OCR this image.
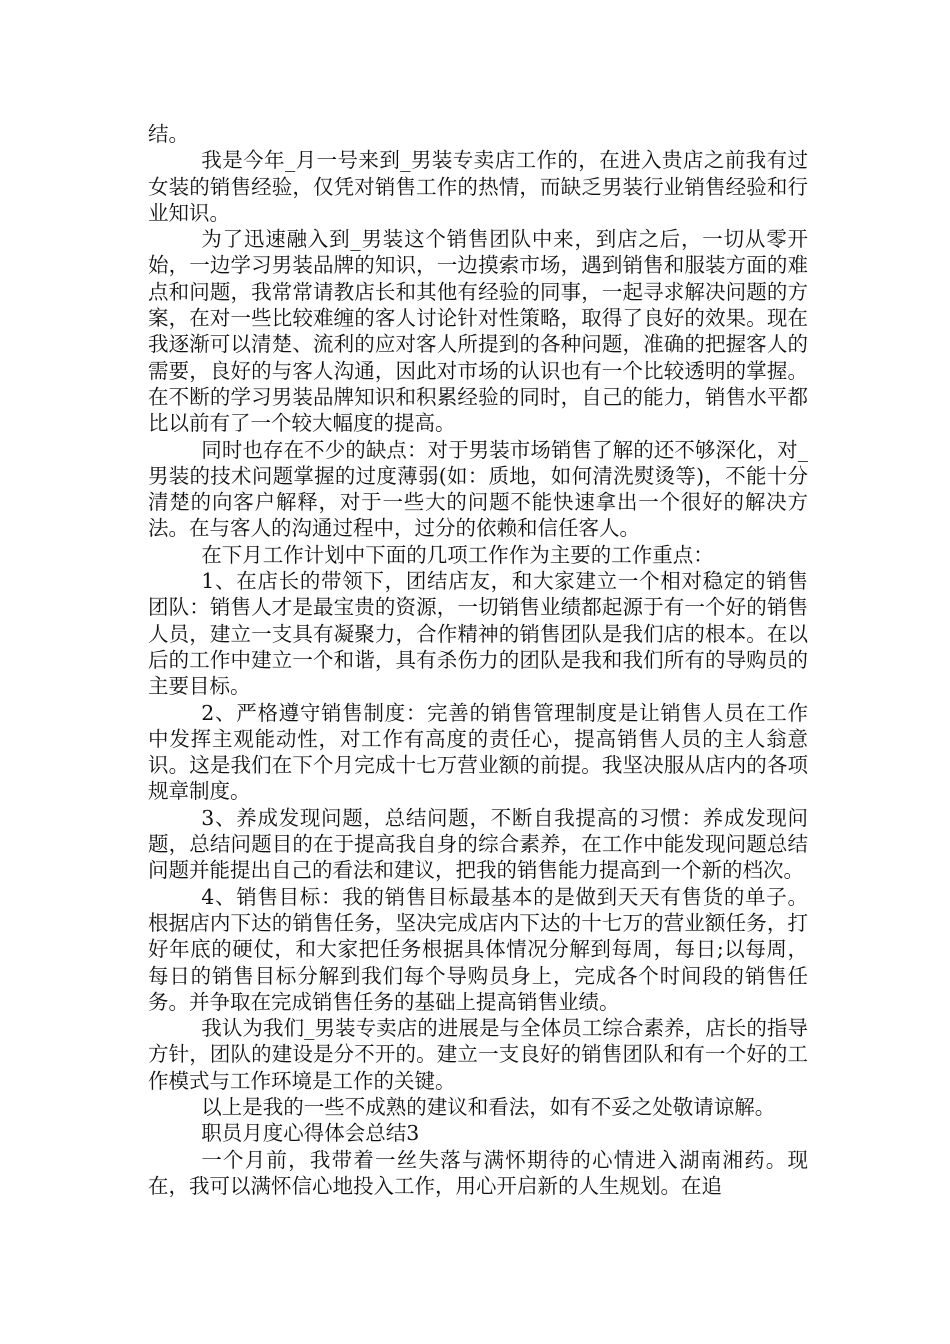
结。

我是今年_月一号来到_男装专卖店工作的，在进入贵店之前我有过女装的销售经验，仅凭对销售工作的热情，而缺乏男装行业销售经验和行业知识。

为了迅速融入到_男装这个销售团队中来，到店之后，一切从零开始，一边学习男装品牌的知识，一边摸索市场，遇到销售和服装方面的难点和问题，我常常请教店长和其他有经验的同事，一起寻求解决问题的方案，在对一些比较难缠的客人讨论针对性策略，取得了良好的效果。现在我逐渐可以清楚、流利的应对客人所提到的各种问题，准确的把握客人的需要，良好的与客人沟通，因此对市场的认识也有一个比较透明的掌握。在不断的学习男装品牌知识和积累经验的同时，自己的能力，销售水平都比以前有了一个较大幅度的提高。

同时也存在不少的缺点：对于男装市场销售了解的还不够深化，对_男装的技术问题掌握的过度薄弱(如：质地，如何清洗熨烫等)，不能十分清楚的向客户解释，对于一些大的问题不能快速拿出一个很好的解决方法。在与客人的沟通过程中，过分的依赖和信任客人。

在下月工作计划中下面的几项工作作为主要的工作重点：

1、在店长的带领下，团结店友，和大家建立一个相对稳定的销售团队：销售人才是最宝贵的资源，一切销售业绩都起源于有一个好的销售人员，建立一支具有凝聚力，合作精神的销售团队是我们店的根本。在以后的工作中建立一个和谐，具有杀伤力的团队是我和我们所有的导购员的主要目标。

2、严格遵守销售制度：完善的销售管理制度是让销售人员在工作中发挥主观能动性，对工作有高度的责任心，提高销售人员的主人翁意识。这是我们在下个月完成十七万营业额的前提。我坚决服从店内的各项规章制度。

3、养成发现问题，总结问题，不断自我提高的习惯：养成发现问题，总结问题目的在于提高我自身的综合素养，在工作中能发现问题总结问题并能提出自己的看法和建议，把我的销售能力提高到一个新的档次。

4、销售目标：我的销售目标最基本的是做到天天有售货的单子。根据店内下达的销售任务，坚决完成店内下达的十七万的营业额任务，打好年底的硬仗，和大家把任务根据具体情况分解到每周，每日;以每周，每日的销售目标分解到我们每个导购员身上，完成各个时间段的销售任务。并争取在完成销售任务的基础上提高销售业绩。

我认为我们_男装专卖店的进展是与全体员工综合素养，店长的指导方针，团队的建设是分不开的。建立一支良好的销售团队和有一个好的工作模式与工作环境是工作的关键。

以上是我的一些不成熟的建议和看法，如有不妥之处敬请谅解。

职员月度心得体会总结3

一个月前，我带着一丝失落与满怀期待的心情进入湖南湘药。现在，我可以满怀信心地投入工作，用心开启新的人生规划。在追
